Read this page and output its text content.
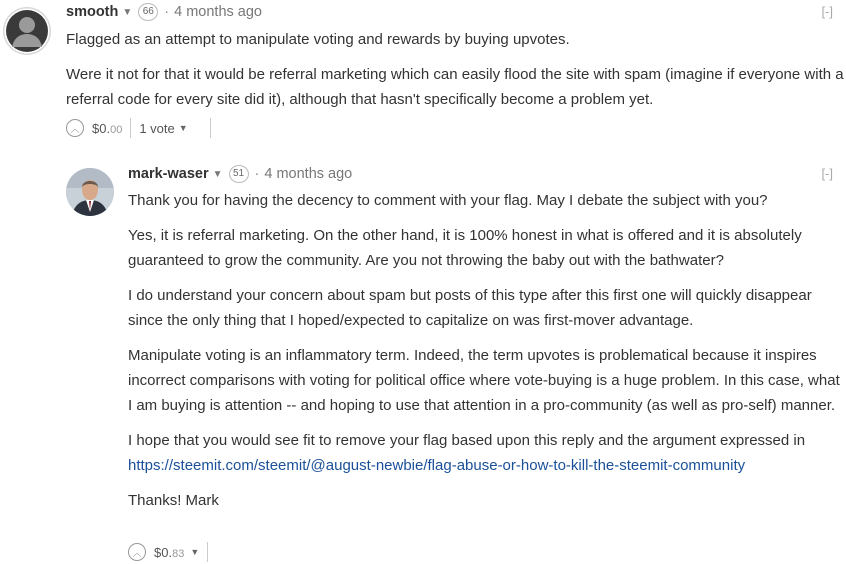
smooth ▼	66 · 4 months ago	[-]

Flagged as an attempt to manipulate voting and rewards by buying upvotes.

Were it not for that it would be referral marketing which can easily flood the site with spam (imagine if everyone with a referral code for every site did it), although that hasn't specifically become a problem yet.

︿ $0.00 1 vote ▼
mark-waser ▼	51 · 4 months ago	[-]

Thank you for having the decency to comment with your flag. May I debate the subject with you?

Yes, it is referral marketing. On the other hand, it is 100% honest in what is offered and it is absolutely guaranteed to grow the community. Are you not throwing the baby out with the bathwater?

I do understand your concern about spam but posts of this type after this first one will quickly disappear since the only thing that I hoped/expected to capitalize on was first-mover advantage.

Manipulate voting is an inflammatory term. Indeed, the term upvotes is problematical because it inspires incorrect comparisons with voting for political office where vote-buying is a huge problem. In this case, what I am buying is attention -- and hoping to use that attention in a pro-community (as well as pro-self) manner.

I hope that you would see fit to remove your flag based upon this reply and the argument expressed in https://steemit.com/steemit/@august-newbie/flag-abuse-or-how-to-kill-the-steemit-community

Thanks! Mark

︿ $0.83 ▼
